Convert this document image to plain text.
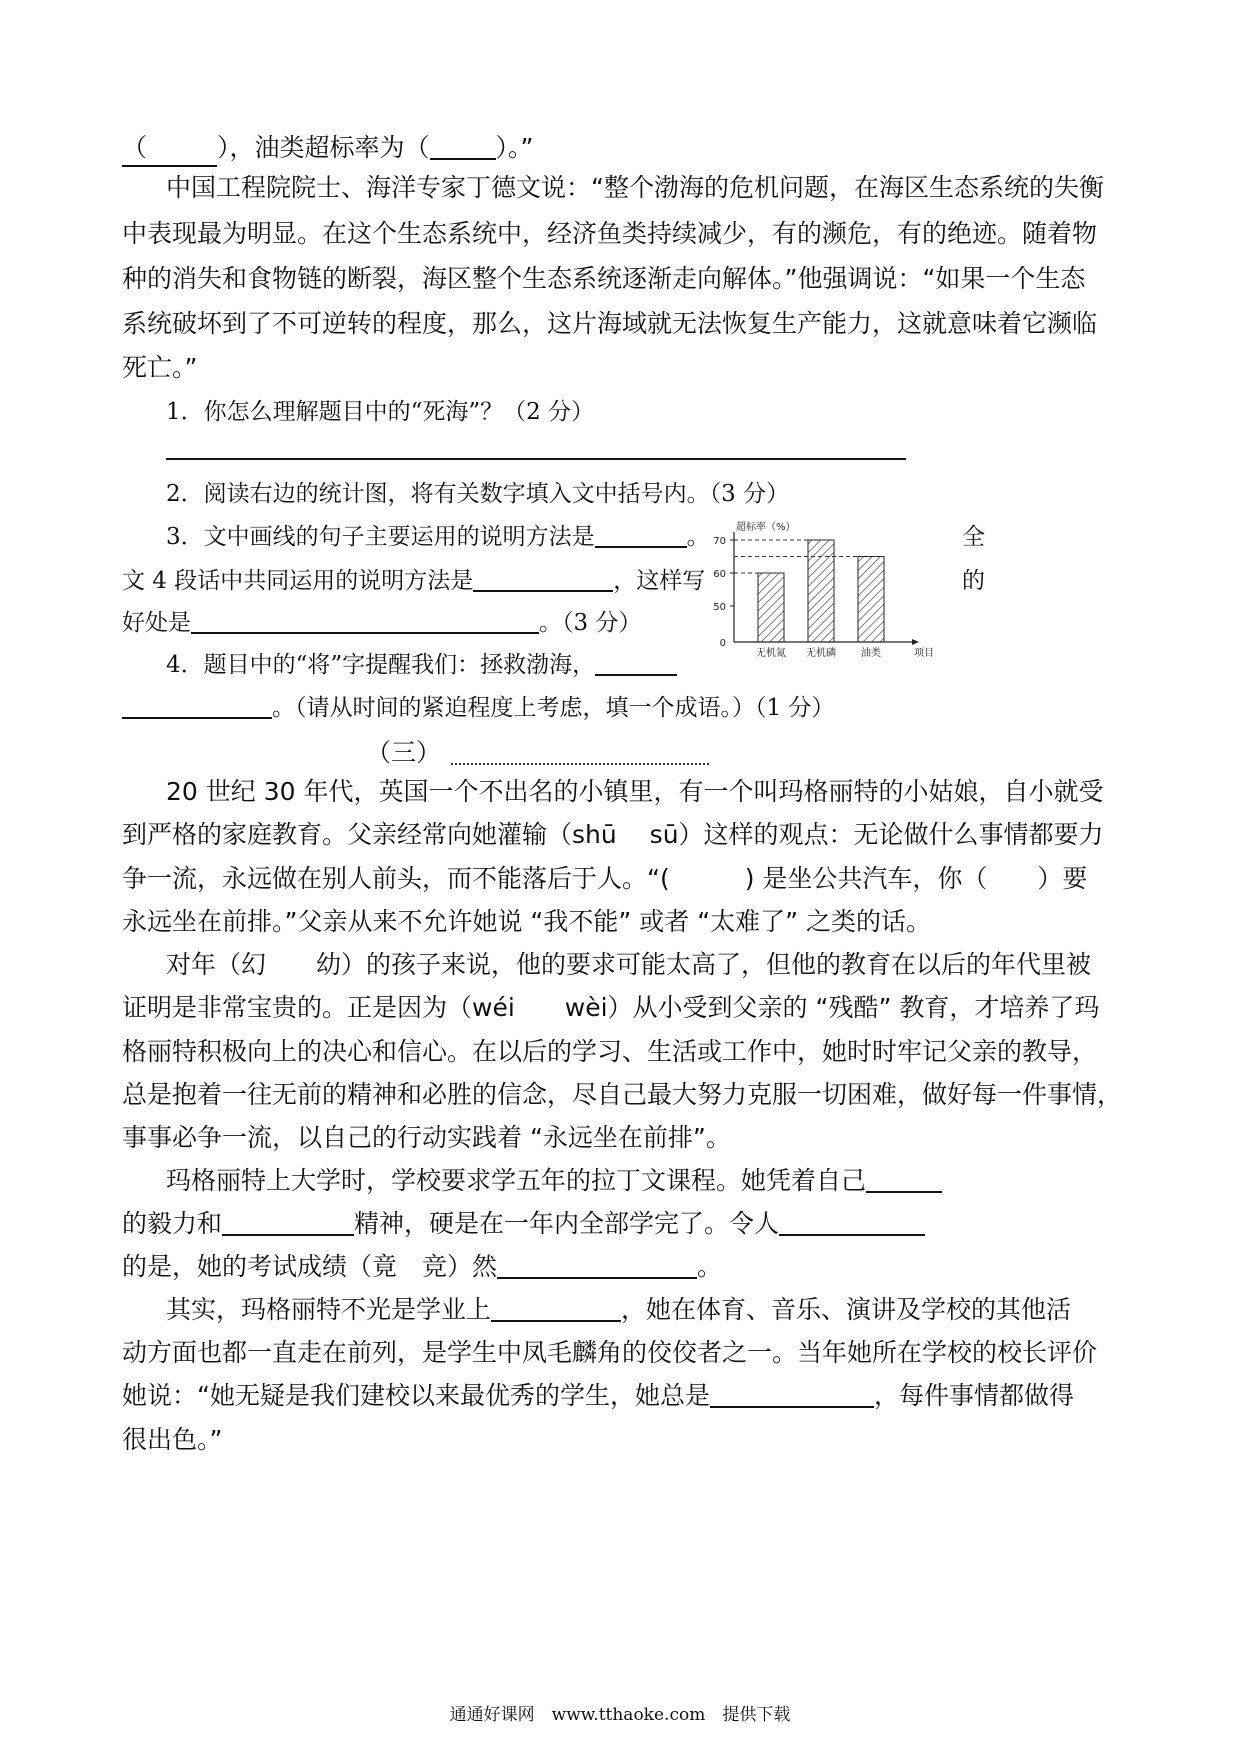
（	），油类超标率为（	）。”
中国工程院院士、海洋专家丁德文说：“整个渤海的危机问题，在海区生态系统的失衡
中表现最为明显。在这个生态系统中，经济鱼类持续减少，有的濒危，有的绝迹。随着物
种的消失和食物链的断裂，海区整个生态系统逐渐走向解体。”他强调说：“如果一个生态
系统破坏到了不可逆转的程度，那么，这片海域就无法恢复生产能力，这就意味着它濒临
死亡。”
1．你怎么理解题目中的“死海”？（2 分）
2．阅读右边的统计图，将有关数字填入文中括号内。（3 分）
3．文中画线的句子主要运用的说明方法是	。	全
文 4 段话中共同运用的说明方法是	，这样写	的
好处是	。（3 分）
4．题目中的“将”字提醒我们：拯救渤海，
。（请从时间的紧迫程度上考虑，填一个成语。）（1 分）
超标率（%）
0
50
60
70
无机氮 无机磷	油类	项目
（三）
20 世纪 30 年代，英国一个不出名的小镇里，有一个叫玛格丽特的小姑娘，自小就受
到严格的家庭教育。父亲经常向她灌输（shū　 sū）这样的观点：无论做什么事情都要力
争一流，永远做在别人前头，而不能落后于人。“(　　　) 是坐公共汽车，你（　　）要
永远坐在前排。”父亲从来不允许她说 “我不能” 或者 “太难了” 之类的话。
对年（幻　　幼）的孩子来说，他的要求可能太高了，但他的教育在以后的年代里被
证明是非常宝贵的。正是因为（wéi　　wèi）从小受到父亲的 “残酷” 教育，才培养了玛
格丽特积极向上的决心和信心。在以后的学习、生活或工作中，她时时牢记父亲的教导，
总是抱着一往无前的精神和必胜的信念，尽自己最大努力克服一切困难，做好每一件事情，
事事必争一流，以自己的行动实践着 “永远坐在前排”。
玛格丽特上大学时，学校要求学五年的拉丁文课程。她凭着自己
的毅力和	精神，硬是在一年内全部学完了。令人
的是，她的考试成绩（竟　竞）然	。
其实，玛格丽特不光是学业上	，她在体育、音乐、演讲及学校的其他活
动方面也都一直走在前列，是学生中凤毛麟角的佼佼者之一。当年她所在学校的校长评价
她说：“她无疑是我们建校以来最优秀的学生，她总是	，每件事情都做得
很出色。”
通通好课网　www.tthaoke.com　提供下载
